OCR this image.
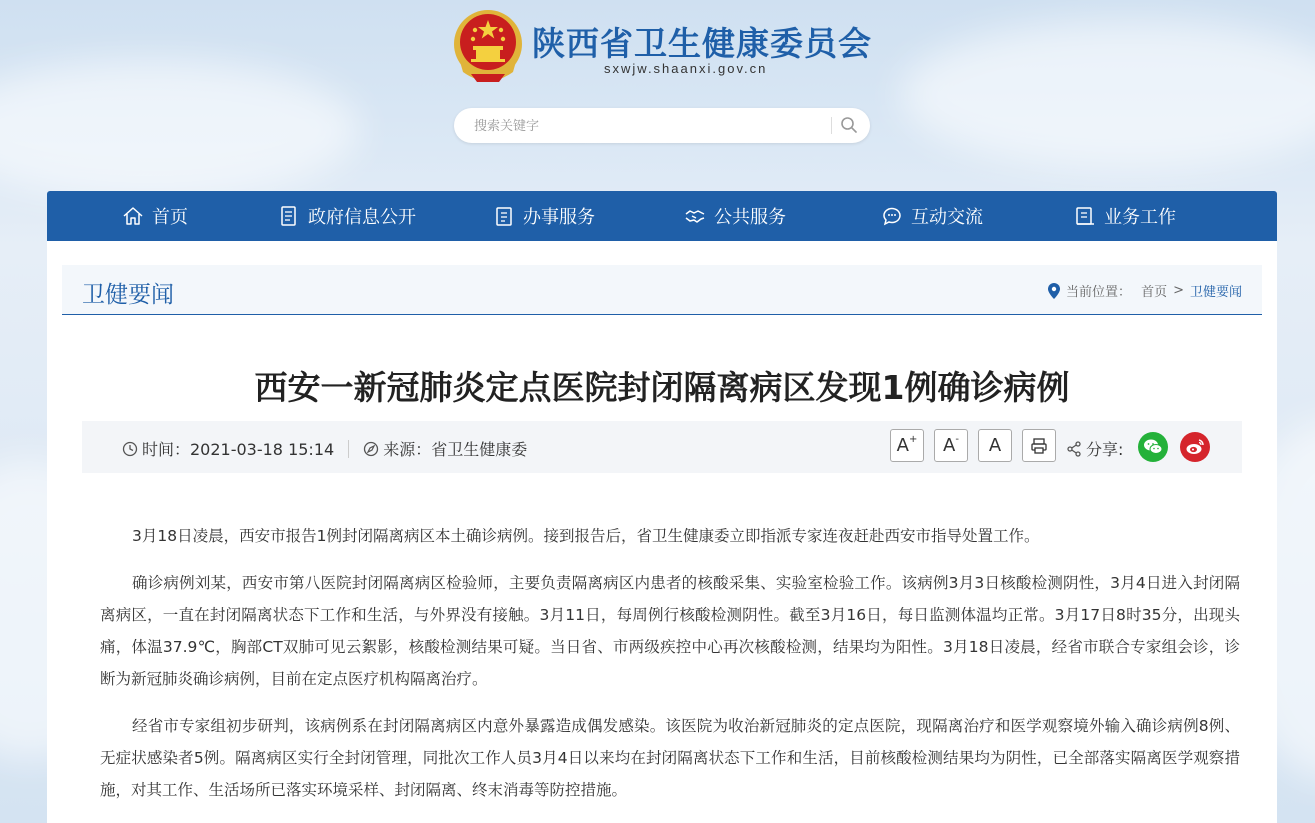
陕西省卫生健康委员会
sxwjw.shaanxi.gov.cn
搜索关键字
首页	政府信息公开	办事服务	公共服务	互动交流	业务工作
卫健要闻	当前位置： 首页 > 卫健要闻
西安一新冠肺炎定点医院封闭隔离病区发现1例确诊病例
时间：2021-03-18 15:14	来源：省卫生健康委	A+ A- A	分享:

3月18日凌晨，西安市报告1例封闭隔离病区本土确诊病例。接到报告后，省卫生健康委立即指派专家连夜赶赴西安市指导处置工作。

确诊病例刘某，西安市第八医院封闭隔离病区检验师，主要负责隔离病区内患者的核酸采集、实验室检验工作。该病例3月3日核酸检测阴性，3月4日进入封闭隔离病区，一直在封闭隔离状态下工作和生活，与外界没有接触。3月11日，每周例行核酸检测阴性。截至3月16日，每日监测体温均正常。3月17日8时35分，出现头痛，体温37.9℃，胸部CT双肺可见云絮影，核酸检测结果可疑。当日省、市两级疾控中心再次核酸检测，结果均为阳性。3月18日凌晨，经省市联合专家组会诊，诊断为新冠肺炎确诊病例，目前在定点医疗机构隔离治疗。

经省市专家组初步研判，该病例系在封闭隔离病区内意外暴露造成偶发感染。该医院为收治新冠肺炎的定点医院，现隔离治疗和医学观察境外输入确诊病例8例、无症状感染者5例。隔离病区实行全封闭管理，同批次工作人员3月4日以来均在封闭隔离状态下工作和生活，目前核酸检测结果均为阴性，已全部落实隔离医学观察措施，对其工作、生活场所已落实环境采样、封闭隔离、终末消毒等防控措施。
